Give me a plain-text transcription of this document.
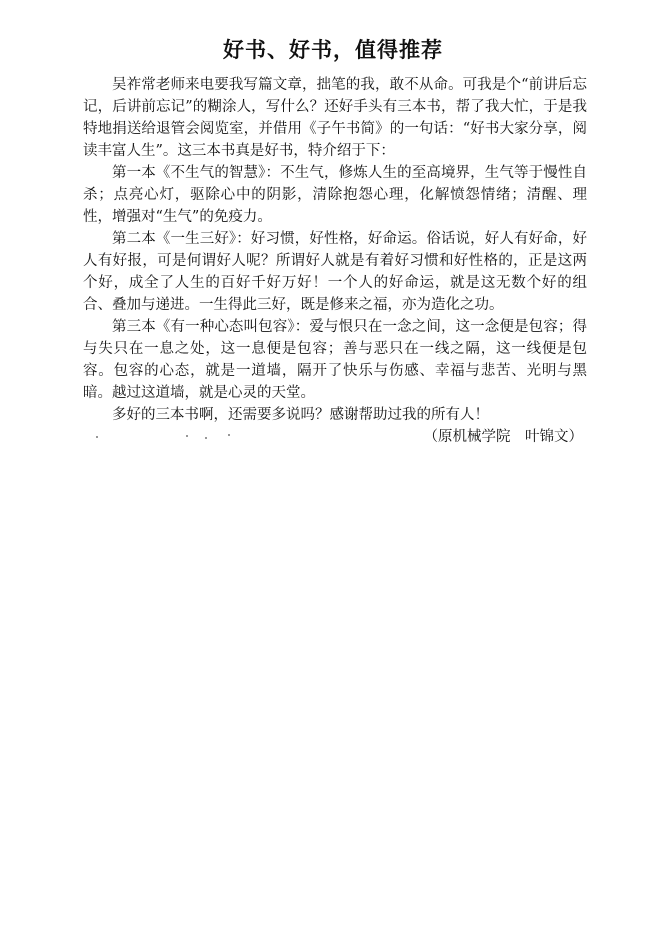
好书、好书，值得推荐

吴祚常老师来电要我写篇文章，拙笔的我，敢不从命。可我是个“前讲后忘记，后讲前忘记”的糊涂人，写什么？还好手头有三本书，帮了我大忙，于是我特地捐送给退管会阅览室，并借用《子午书简》的一句话：“好书大家分享，阅读丰富人生”。这三本书真是好书，特介绍于下：

第一本《不生气的智慧》：不生气，修炼人生的至高境界，生气等于慢性自杀；点亮心灯，驱除心中的阴影，清除抱怨心理，化解愤怨情绪；清醒、理性，增强对“生气”的免疫力。

第二本《一生三好》：好习惯，好性格，好命运。俗话说，好人有好命，好人有好报，可是何谓好人呢？所谓好人就是有着好习惯和好性格的，正是这两个好，成全了人生的百好千好万好！一个人的好命运，就是这无数个好的组合、叠加与递进。一生得此三好，既是修来之福，亦为造化之功。

第三本《有一种心态叫包容》：爱与恨只在一念之间，这一念便是包容；得与失只在一息之处，这一息便是包容；善与恶只在一线之隔，这一线便是包容。包容的心态，就是一道墙，隔开了快乐与伤感、幸福与悲苦、光明与黑暗。越过这道墙，就是心灵的天堂。

多好的三本书啊，还需要多说吗？感谢帮助过我的所有人！

（原机械学院　叶锦文）
